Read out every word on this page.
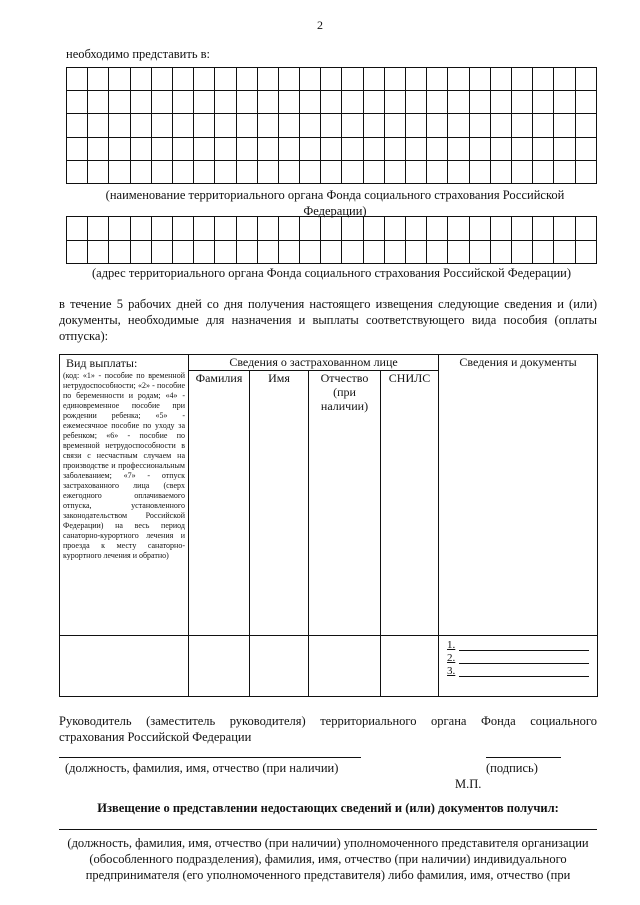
2
необходимо представить в:

(наименование территориального органа Фонда социального страхования Российской Федерации)

(адрес территориального органа Фонда социального страхования Российской Федерации)
в течение 5 рабочих дней со дня получения настоящего извещения следующие сведения и (или) документы, необходимые для назначения и выплаты соответствующего вида пособия (оплаты отпуска):
Вид выплаты:
(код: «1» - пособие по временной нетрудоспособности; «2» - пособие по беременности и родам; «4» - единовременное пособие при рождении ребенка; «5» - ежемесячное пособие по уходу за ребенком; «6» - пособие по временной нетрудоспособности в связи с несчастным случаем на производстве и профессиональным заболеванием; «7» - отпуск застрахованного лица (сверх ежегодного оплачиваемого отпуска, установленного законодательством Российской Федерации) на весь период санаторно-курортного лечения и проезда к месту санаторно-курортного лечения и обратно)	Сведения о застрахованном лице				Сведения и документы
	Фамилия	Имя	Отчество (при наличии)	СНИЛС	

					1.
2.
3.
Руководитель (заместитель руководителя) территориального органа Фонда социального страхования Российской Федерации
(должность, фамилия, имя, отчество (при наличии)	(подпись)
М.П.
Извещение о представлении недостающих сведений и (или) документов получил:
(должность, фамилия, имя, отчество (при наличии) уполномоченного представителя организации (обособленного подразделения), фамилия, имя, отчество (при наличии) индивидуального предпринимателя (его уполномоченного представителя) либо фамилия, имя, отчество (при
